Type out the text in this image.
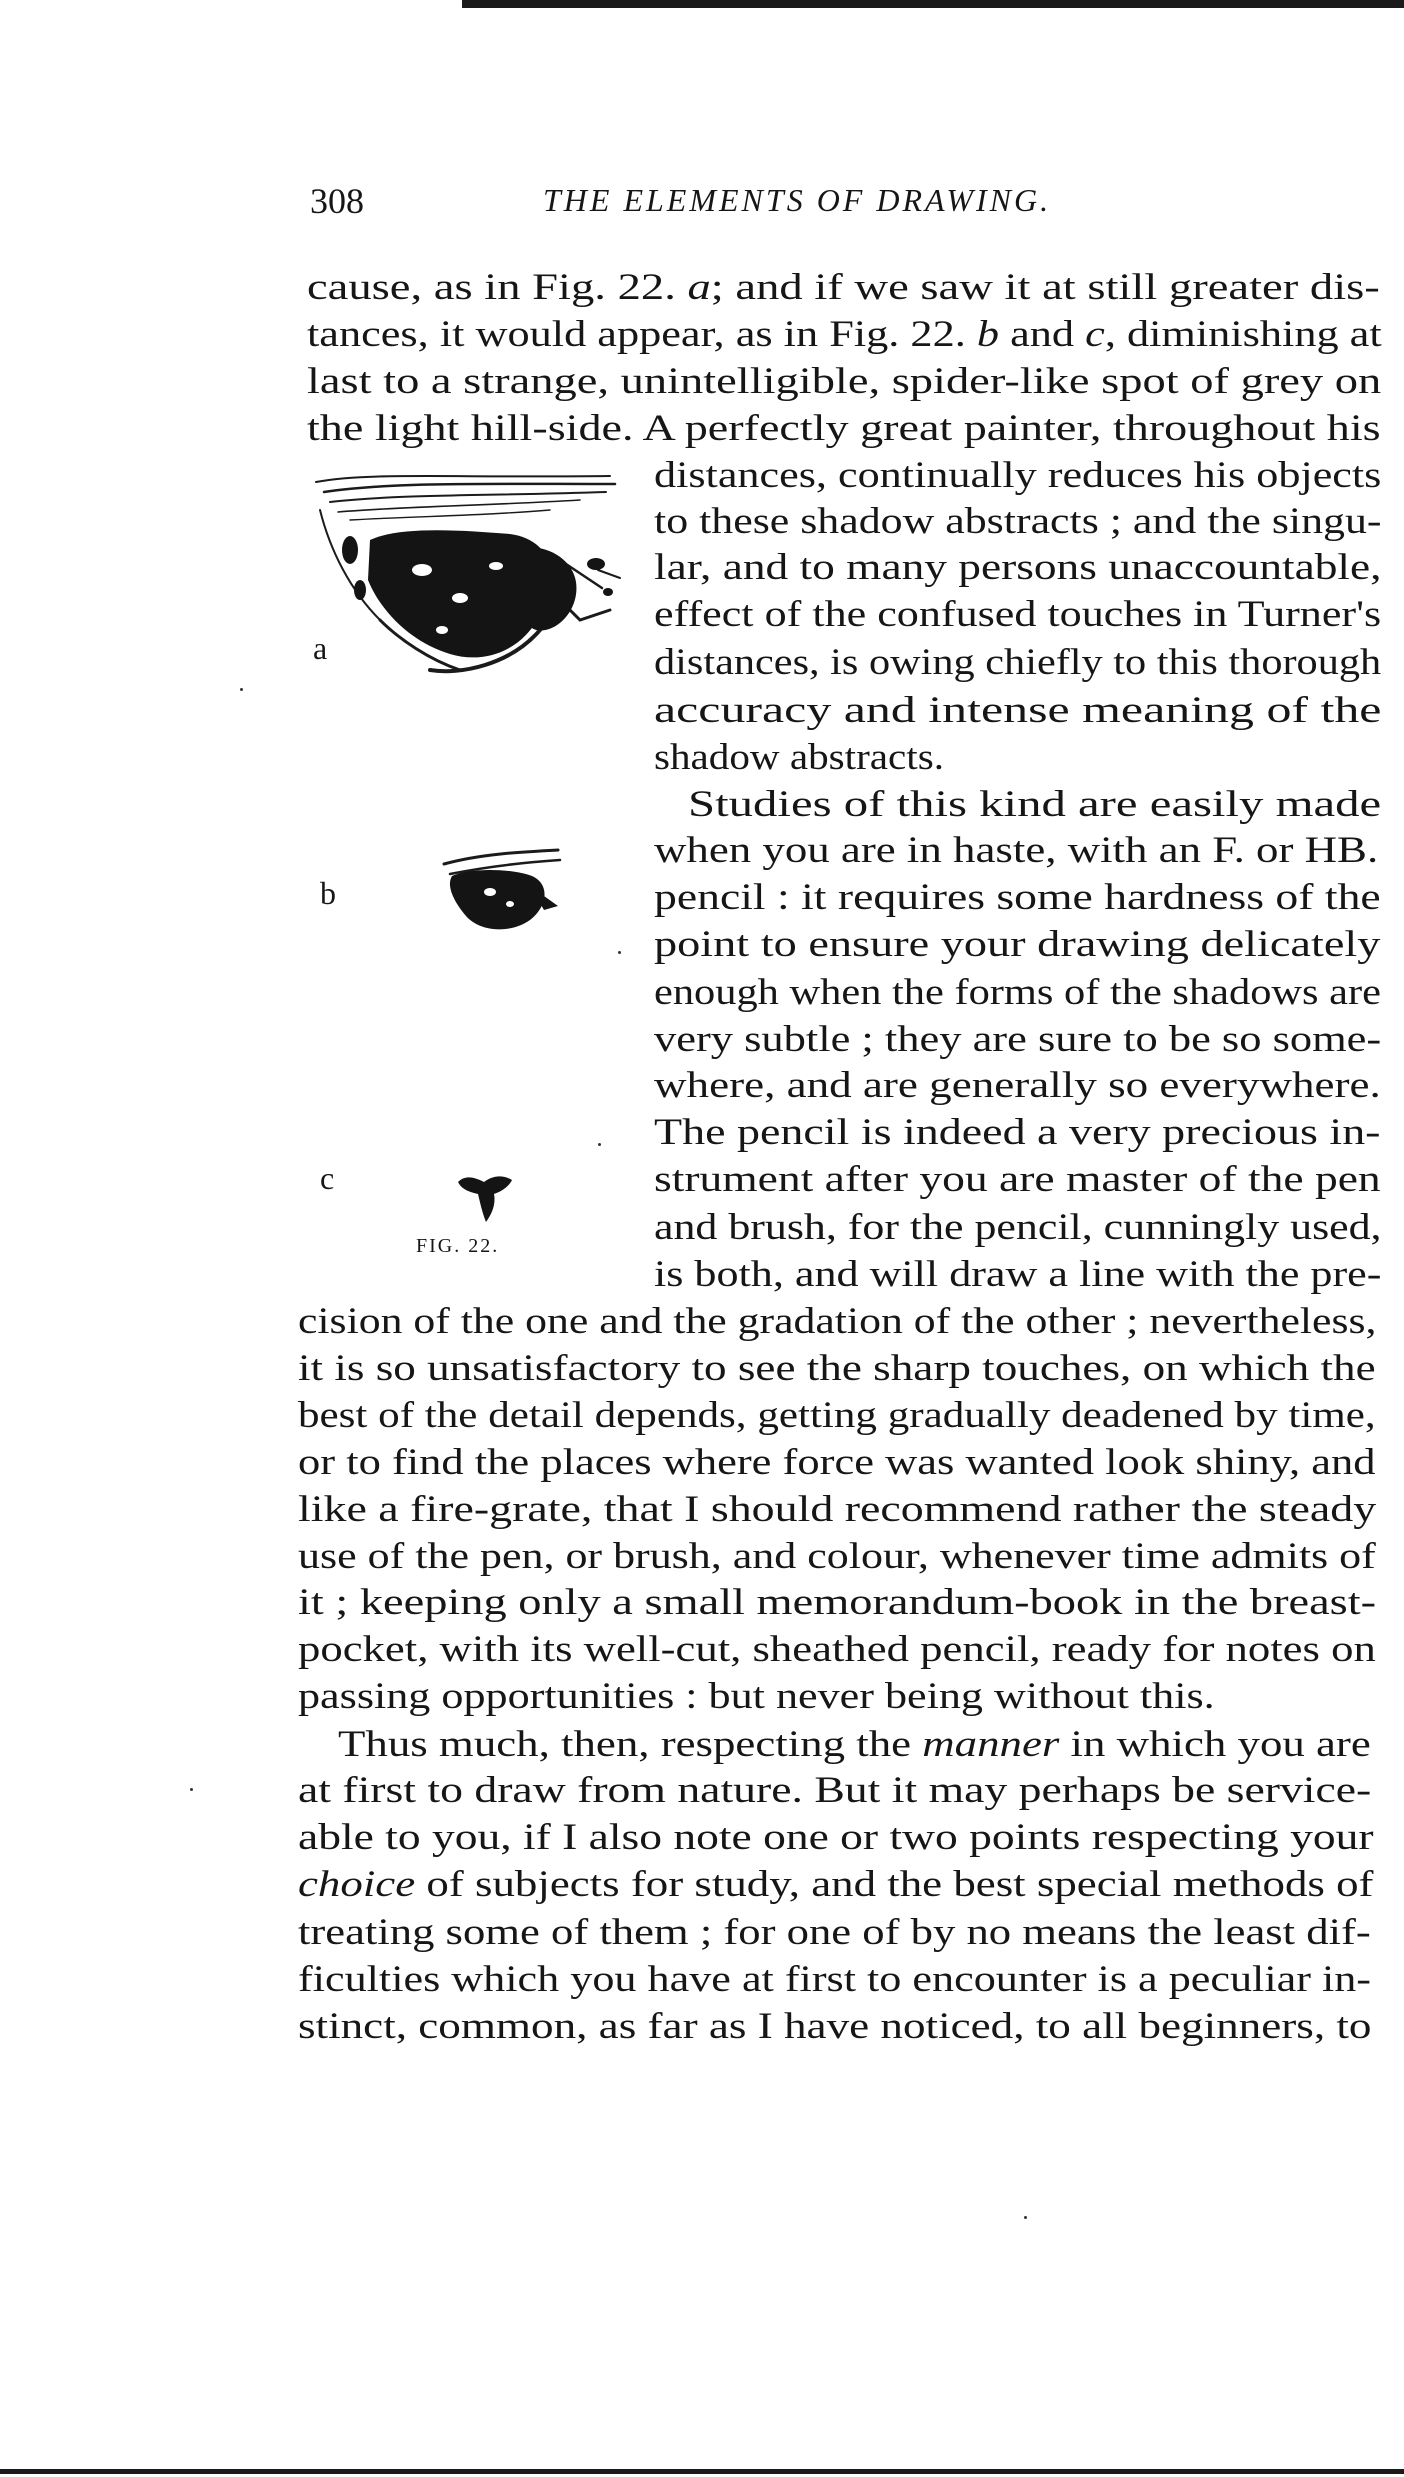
308	THE ELEMENTS OF DRAWING.
cause, as in Fig. 22. a; and if we saw it at still greater dis-
tances, it would appear, as in Fig. 22. b and c, diminishing at
last to a strange, unintelligible, spider-like spot of grey on
the light hill-side. A perfectly great painter, throughout his
distances, continually reduces his objects
to these shadow abstracts ; and the singu-
lar, and to many persons unaccountable,
effect of the confused touches in Turner's
distances, is owing chiefly to this thorough
accuracy and intense meaning of the
shadow abstracts.
Studies of this kind are easily made
when you are in haste, with an F. or HB.
pencil : it requires some hardness of the
point to ensure your drawing delicately
enough when the forms of the shadows are
very subtle ; they are sure to be so some-
where, and are generally so everywhere.
The pencil is indeed a very precious in-
strument after you are master of the pen
and brush, for the pencil, cunningly used,
is both, and will draw a line with the pre-
cision of the one and the gradation of the other ; nevertheless,
it is so unsatisfactory to see the sharp touches, on which the
best of the detail depends, getting gradually deadened by time,
or to find the places where force was wanted look shiny, and
like a fire-grate, that I should recommend rather the steady
use of the pen, or brush, and colour, whenever time admits of
it ; keeping only a small memorandum-book in the breast-
pocket, with its well-cut, sheathed pencil, ready for notes on
passing opportunities : but never being without this.
Thus much, then, respecting the manner in which you are
at first to draw from nature. But it may perhaps be service-
able to you, if I also note one or two points respecting your
choice of subjects for study, and the best special methods of
treating some of them ; for one of by no means the least dif-
ficulties which you have at first to encounter is a peculiar in-
stinct, common, as far as I have noticed, to all beginners, to
a
b
c
FIG. 22.
